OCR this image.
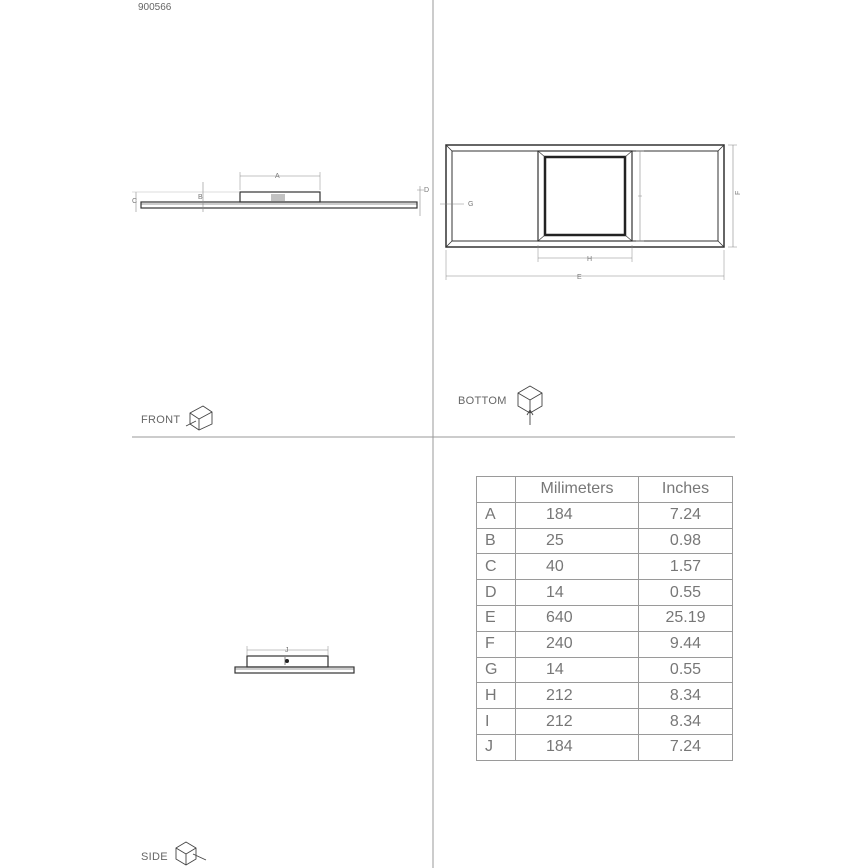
900566
A
B
C
D
G
H
E
F
J
FRONT
BOTTOM
SIDE
	Milimeters	Inches
A	184	7.24
B	25	0.98
C	40	1.57
D	14	0.55
E	640	25.19
F	240	9.44
G	14	0.55
H	212	8.34
I	212	8.34
J	184	7.24
